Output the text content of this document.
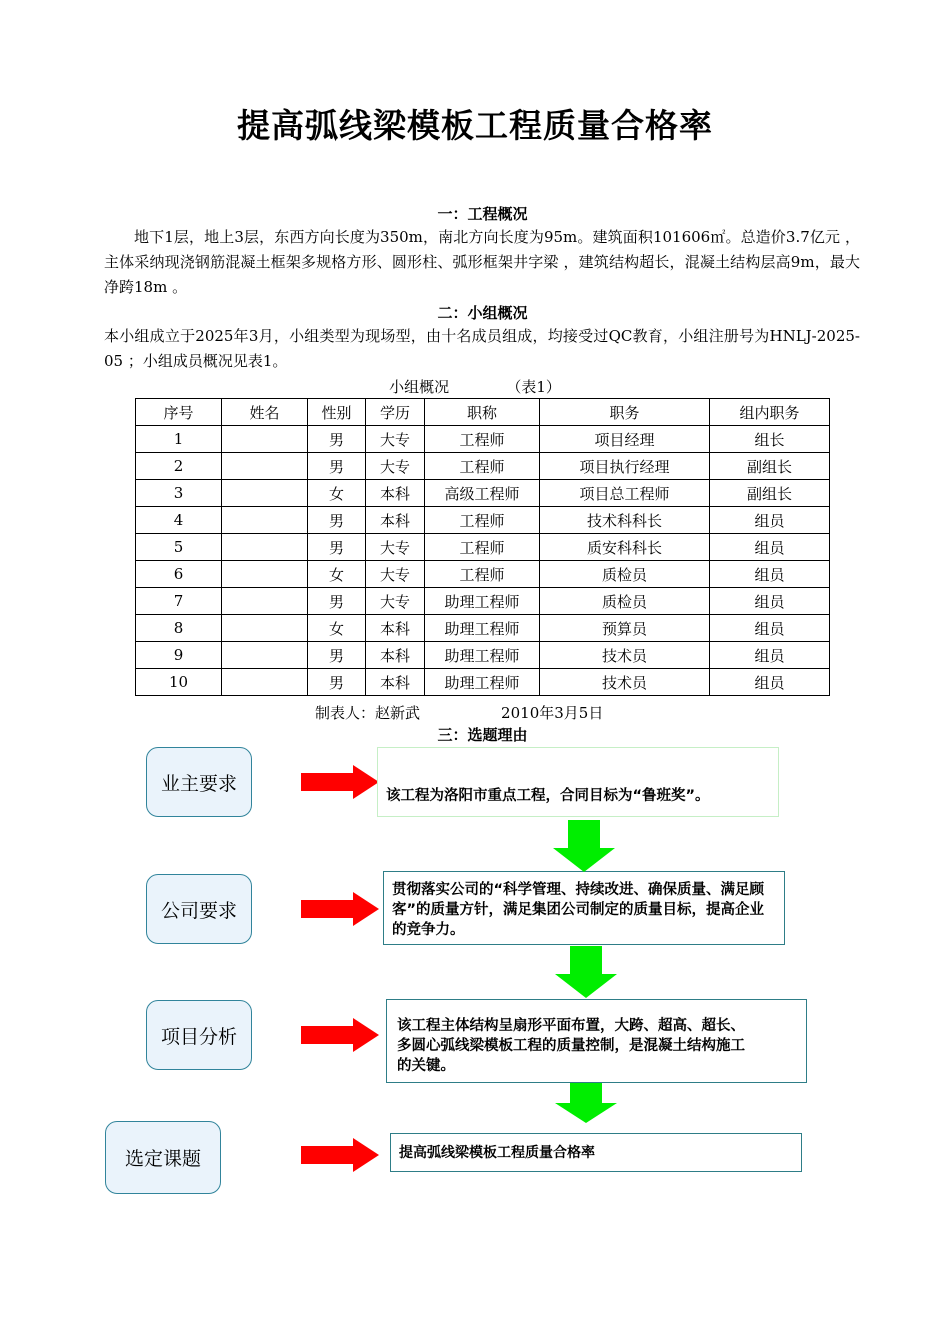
提高弧线梁模板工程质量合格率
一：工程概况
地下1层，地上3层，东西方向长度为350m，南北方向长度为95m。建筑面积101606㎡。总造价3.7亿元 ，主体采纳现浇钢筋混凝土框架多规格方形、圆形柱、弧形框架井字梁 ，建筑结构超长，混凝土结构层高9m，最大净跨18m 。
二：小组概况
本小组成立于2025年3月，小组类型为现场型，由十名成员组成，均接受过QC教育，小组注册号为HNLJ-2025-05 ；小组成员概况见表1。
小组概况            （表1）
序号	姓名	性别	学历	职称	职务	组内职务
1		男	大专	工程师	项目经理	组长
2		男	大专	工程师	项目执行经理	副组长
3		女	本科	高级工程师	项目总工程师	副组长
4		男	本科	工程师	技术科科长	组员
5		男	大专	工程师	质安科科长	组员
6		女	大专	工程师	质检员	组员
7		男	大专	助理工程师	质检员	组员
8		女	本科	助理工程师	预算员	组员
9		男	本科	助理工程师	技术员	组员
10		男	本科	助理工程师	技术员	组员
制表人：赵新武                 2010年3月5日
三：选题理由
业主要求
公司要求
项目分析
选定课题
该工程为洛阳市重点工程，合同目标为“鲁班奖”。
贯彻落实公司的“科学管理、持续改进、确保质量、满足顾客”的质量方针，满足集团公司制定的质量目标，提高企业的竞争力。
该工程主体结构呈扇形平面布置，大跨、超高、超长、多圆心弧线梁模板工程的质量控制，是混凝土结构施工的关键。
提高弧线梁模板工程质量合格率
